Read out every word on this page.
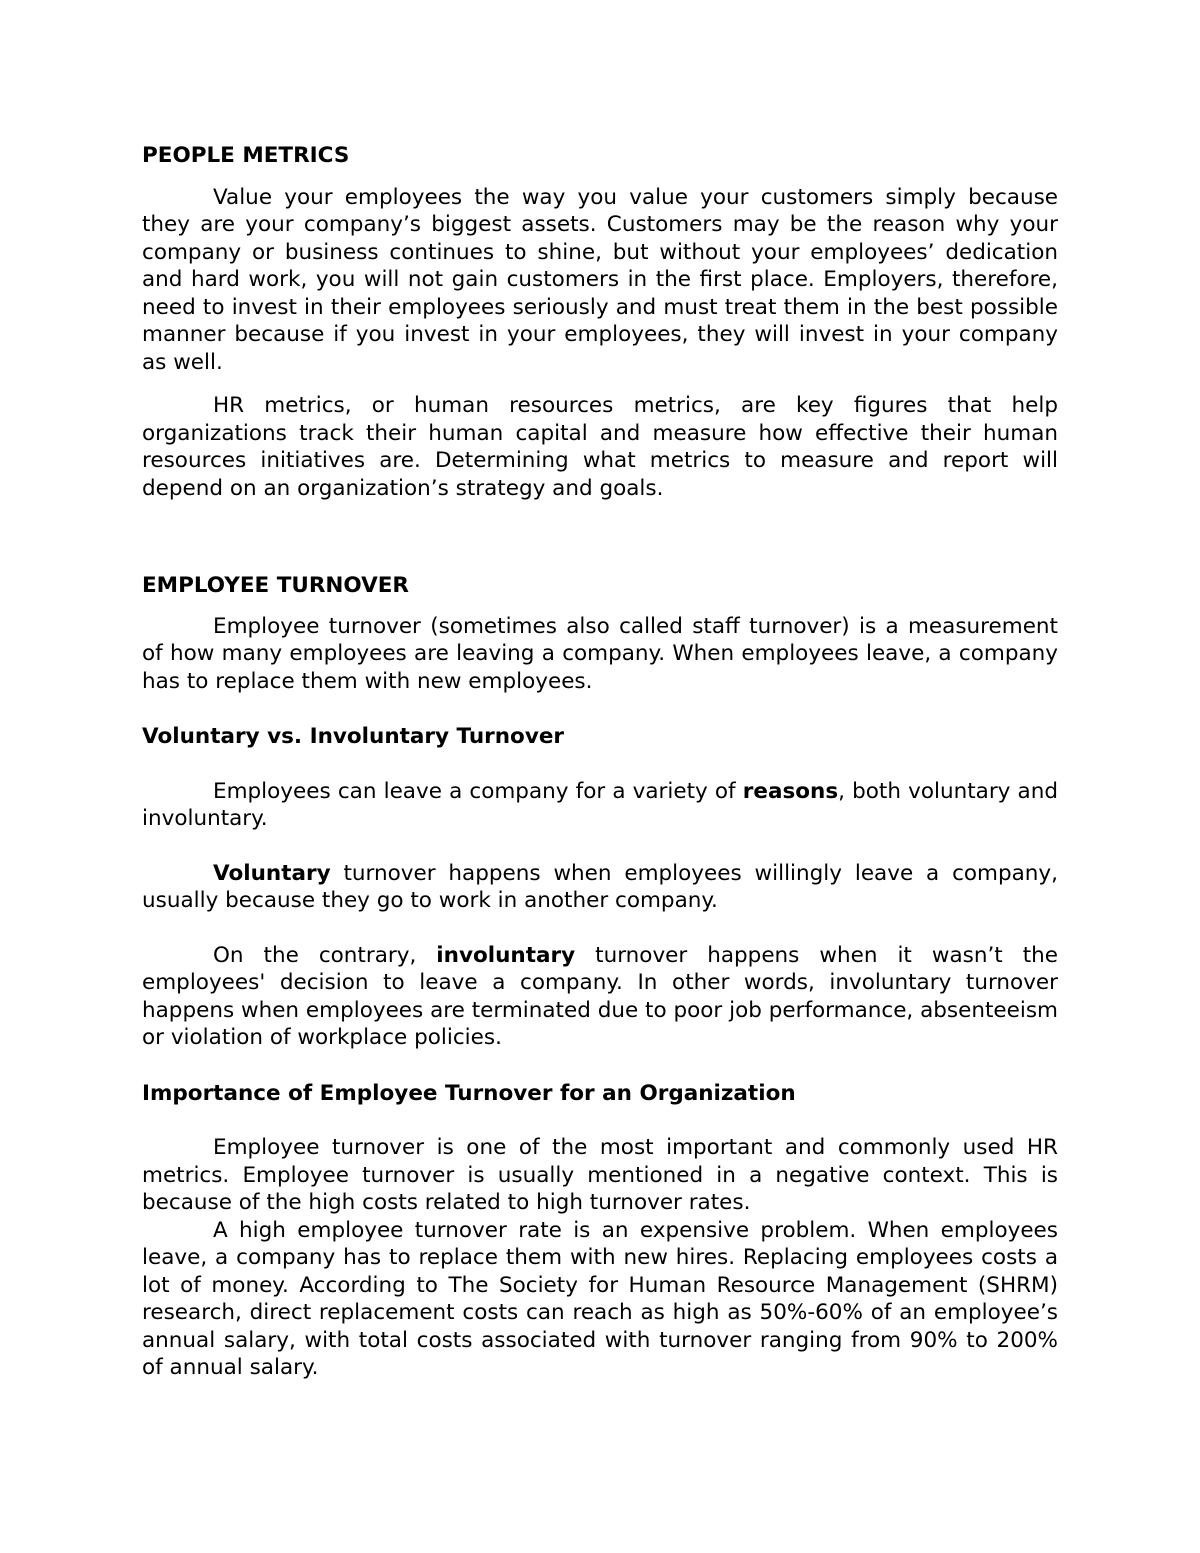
PEOPLE METRICS

Value your employees the way you value your customers simply because they are your company’s biggest assets. Customers may be the reason why your company or business continues to shine, but without your employees’ dedication and hard work, you will not gain customers in the first place. Employers, therefore, need to invest in their employees seriously and must treat them in the best possible manner because if you invest in your employees, they will invest in your company as well.

HR metrics, or human resources metrics, are key figures that help organizations track their human capital and measure how effective their human resources initiatives are. Determining what metrics to measure and report will depend on an organization’s strategy and goals.

EMPLOYEE TURNOVER

Employee turnover (sometimes also called staff turnover) is a measurement of how many employees are leaving a company. When employees leave, a company has to replace them with new employees.

Voluntary vs. Involuntary Turnover

Employees can leave a company for a variety of reasons, both voluntary and involuntary.

Voluntary turnover happens when employees willingly leave a company, usually because they go to work in another company.

On the contrary, involuntary turnover happens when it wasn’t the employees' decision to leave a company. In other words, involuntary turnover happens when employees are terminated due to poor job performance, absenteeism or violation of workplace policies.

Importance of Employee Turnover for an Organization

Employee turnover is one of the most important and commonly used HR metrics. Employee turnover is usually mentioned in a negative context. This is because of the high costs related to high turnover rates.

A high employee turnover rate is an expensive problem. When employees leave, a company has to replace them with new hires. Replacing employees costs a lot of money. According to The Society for Human Resource Management (SHRM) research, direct replacement costs can reach as high as 50%-60% of an employee’s annual salary, with total costs associated with turnover ranging from 90% to 200% of annual salary.
